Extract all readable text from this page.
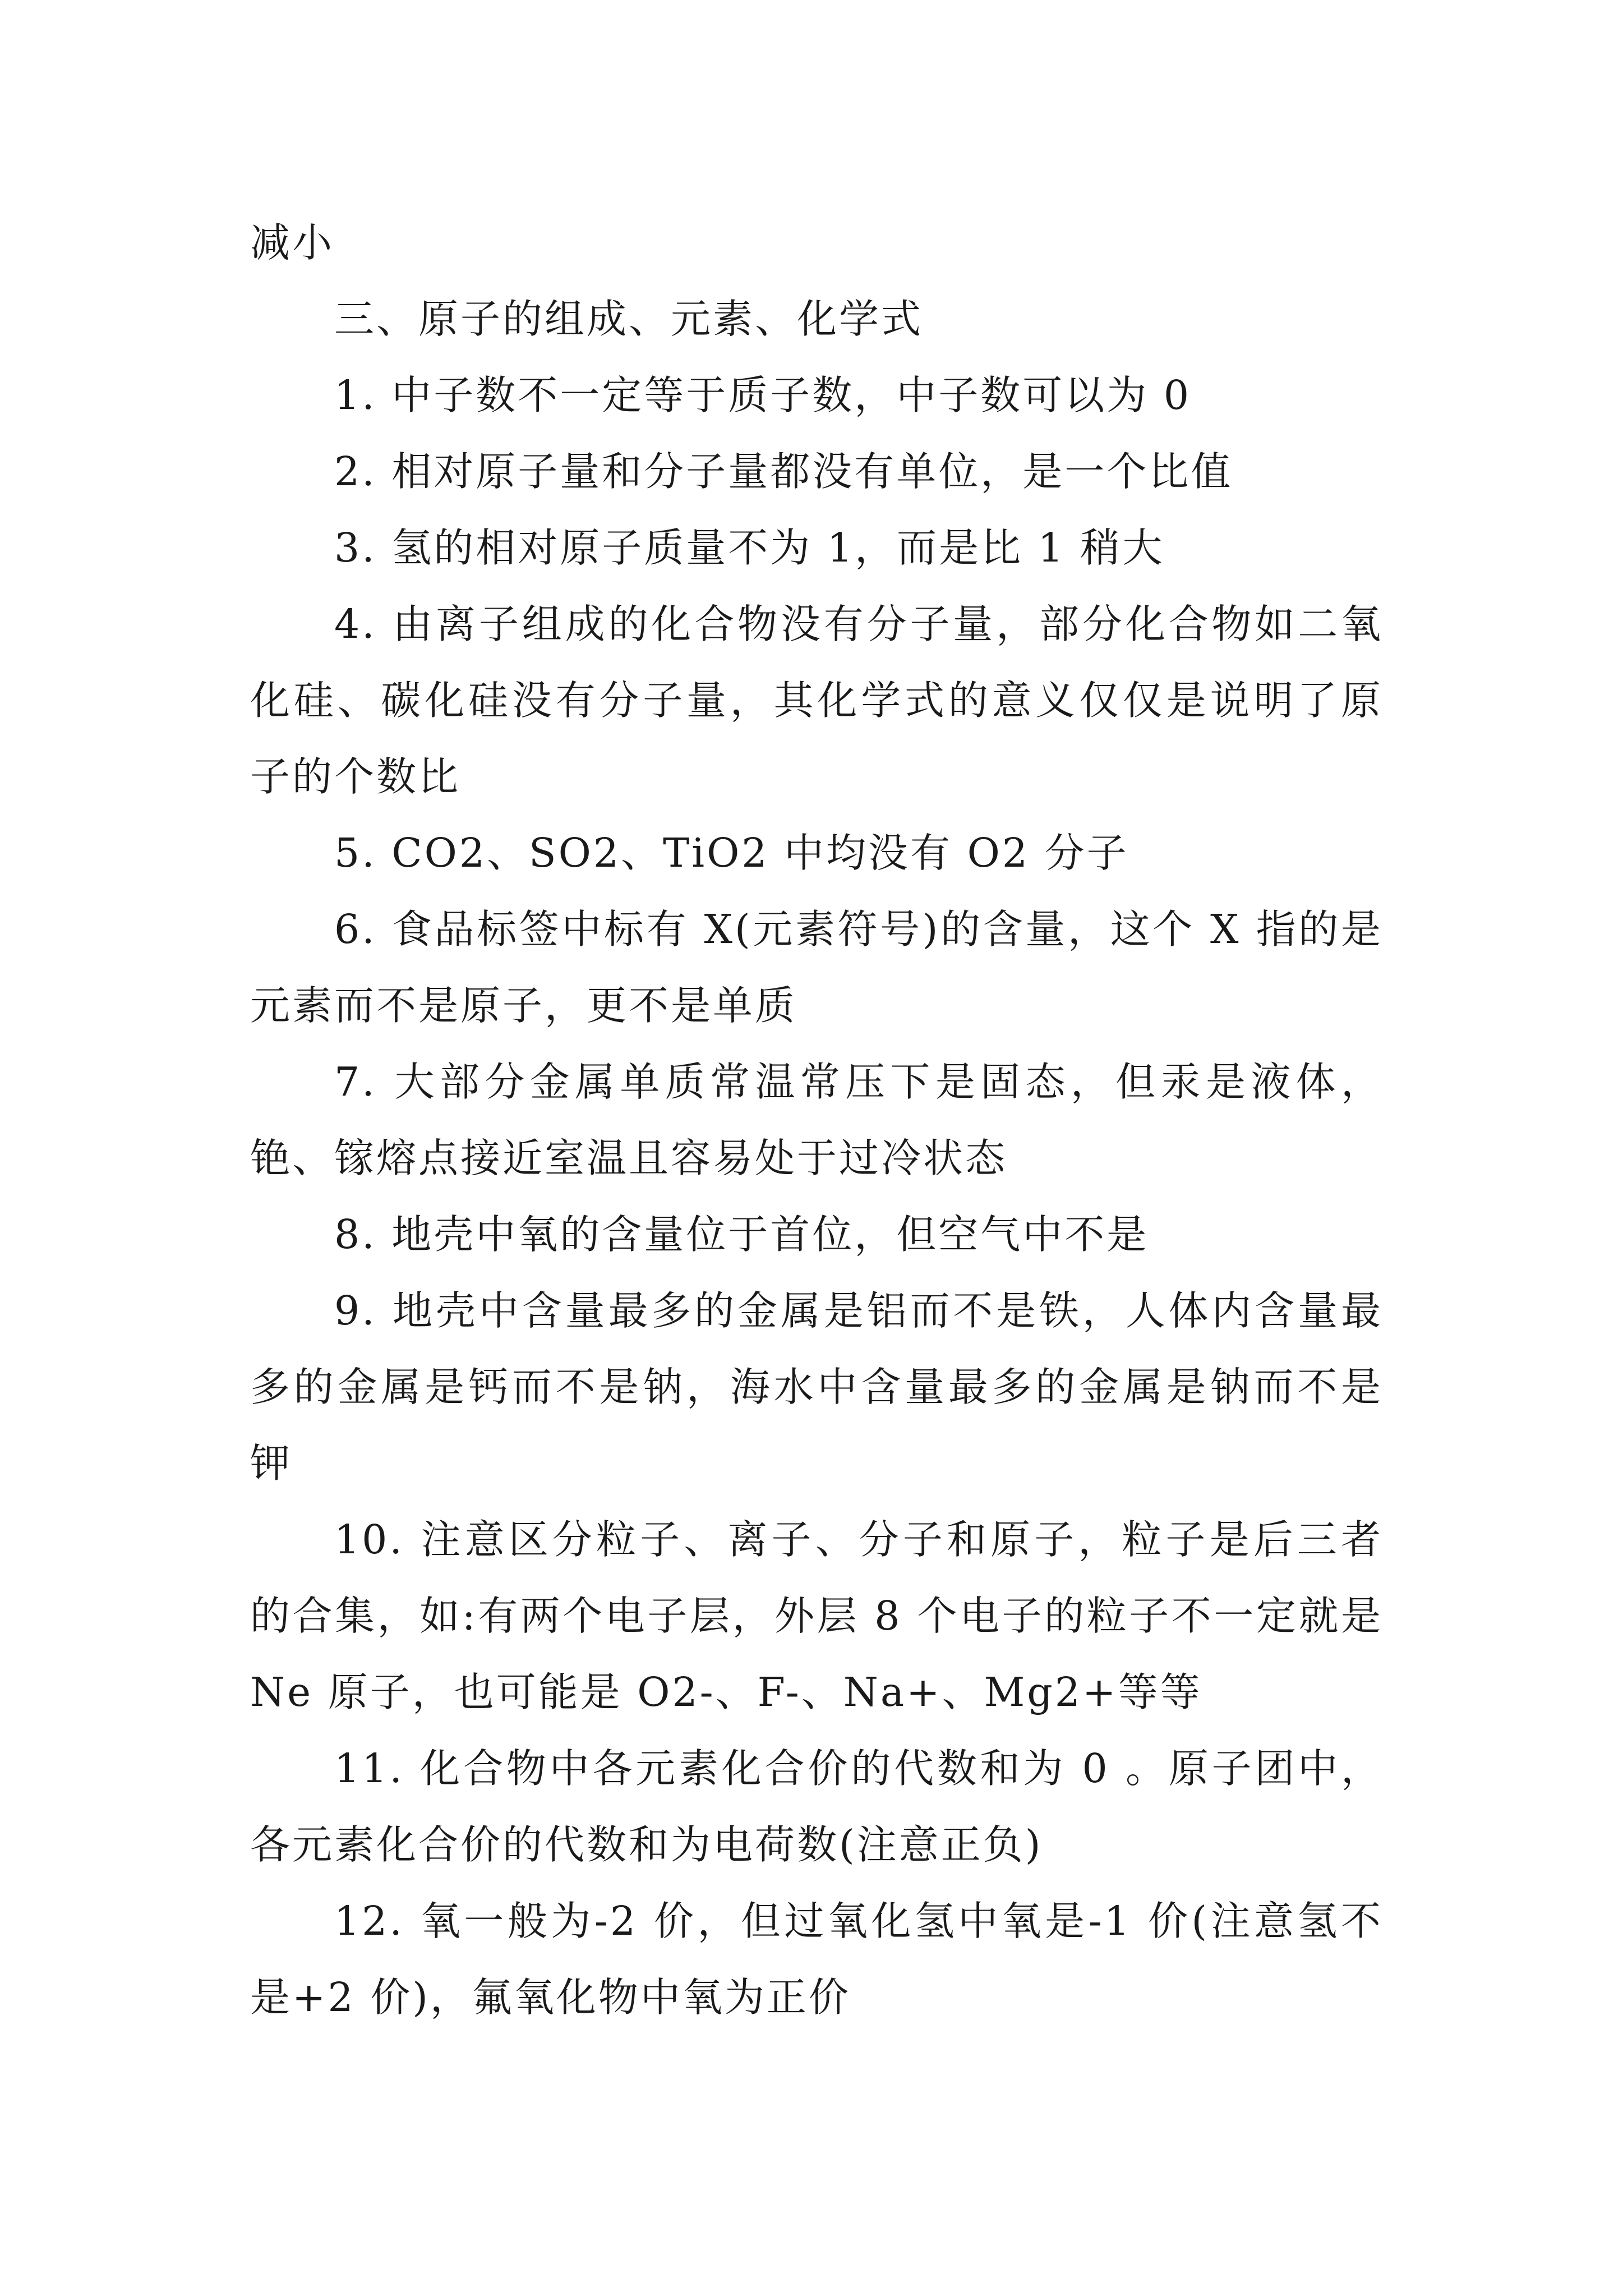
减小

三、原子的组成、元素、化学式

1. 中子数不一定等于质子数，中子数可以为 0

2. 相对原子量和分子量都没有单位，是一个比值

3. 氢的相对原子质量不为 1，而是比 1 稍大

4. 由离子组成的化合物没有分子量，部分化合物如二氧化硅、碳化硅没有分子量，其化学式的意义仅仅是说明了原子的个数比

5. CO2、SO2、TiO2 中均没有 O2 分子

6. 食品标签中标有 X(元素符号)的含量，这个 X 指的是元素而不是原子，更不是单质

7. 大部分金属单质常温常压下是固态，但汞是液体，铯、镓熔点接近室温且容易处于过冷状态

8. 地壳中氧的含量位于首位，但空气中不是

9. 地壳中含量最多的金属是铝而不是铁，人体内含量最多的金属是钙而不是钠，海水中含量最多的金属是钠而不是钾

10. 注意区分粒子、离子、分子和原子，粒子是后三者的合集，如:有两个电子层，外层 8 个电子的粒子不一定就是Ne 原子，也可能是 O2-、F-、Na+、Mg2+等等

11. 化合物中各元素化合价的代数和为 0 。原子团中，各元素化合价的代数和为电荷数(注意正负)

12. 氧一般为-2 价，但过氧化氢中氧是-1 价(注意氢不是+2 价)，氟氧化物中氧为正价
